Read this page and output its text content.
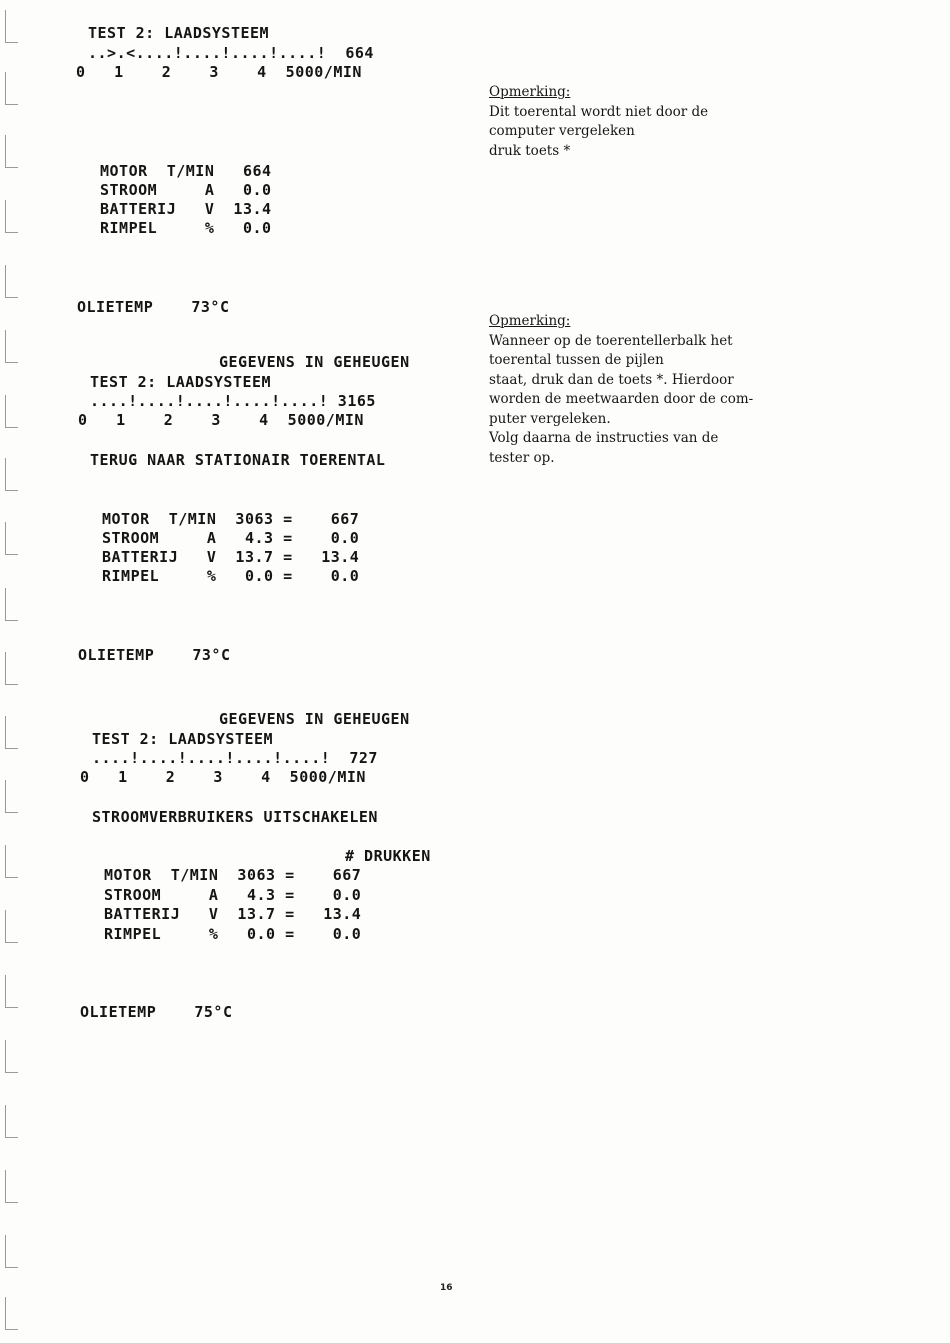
TEST 2: LAADSYSTEEM
..>.<....!....!....!....!  664
0   1    2    3    4  5000/MIN
MOTOR  T/MIN   664
STROOM     A   0.0
BATTERIJ   V  13.4
RIMPEL     %   0.0
OLIETEMP    73°C
GEGEVENS IN GEHEUGEN
TEST 2: LAADSYSTEEM
....!....!....!....!....! 3165
0   1    2    3    4  5000/MIN
TERUG NAAR STATIONAIR TOERENTAL
MOTOR  T/MIN  3063 =    667
STROOM     A   4.3 =    0.0
BATTERIJ   V  13.7 =   13.4
RIMPEL     %   0.0 =    0.0
OLIETEMP    73°C
GEGEVENS IN GEHEUGEN
TEST 2: LAADSYSTEEM
....!....!....!....!....!  727
0   1    2    3    4  5000/MIN
STROOMVERBRUIKERS UITSCHAKELEN
# DRUKKEN
MOTOR  T/MIN  3063 =    667
STROOM     A   4.3 =    0.0
BATTERIJ   V  13.7 =   13.4
RIMPEL     %   0.0 =    0.0
OLIETEMP    75°C
Opmerking:
Dit toerental wordt niet door de
computer vergeleken
druk toets *
Opmerking:
Wanneer op de toerentellerbalk het
toerental tussen de pijlen
staat, druk dan de toets *. Hierdoor
worden de meetwaarden door de com-
puter vergeleken.
Volg daarna de instructies van de
tester op.
16
